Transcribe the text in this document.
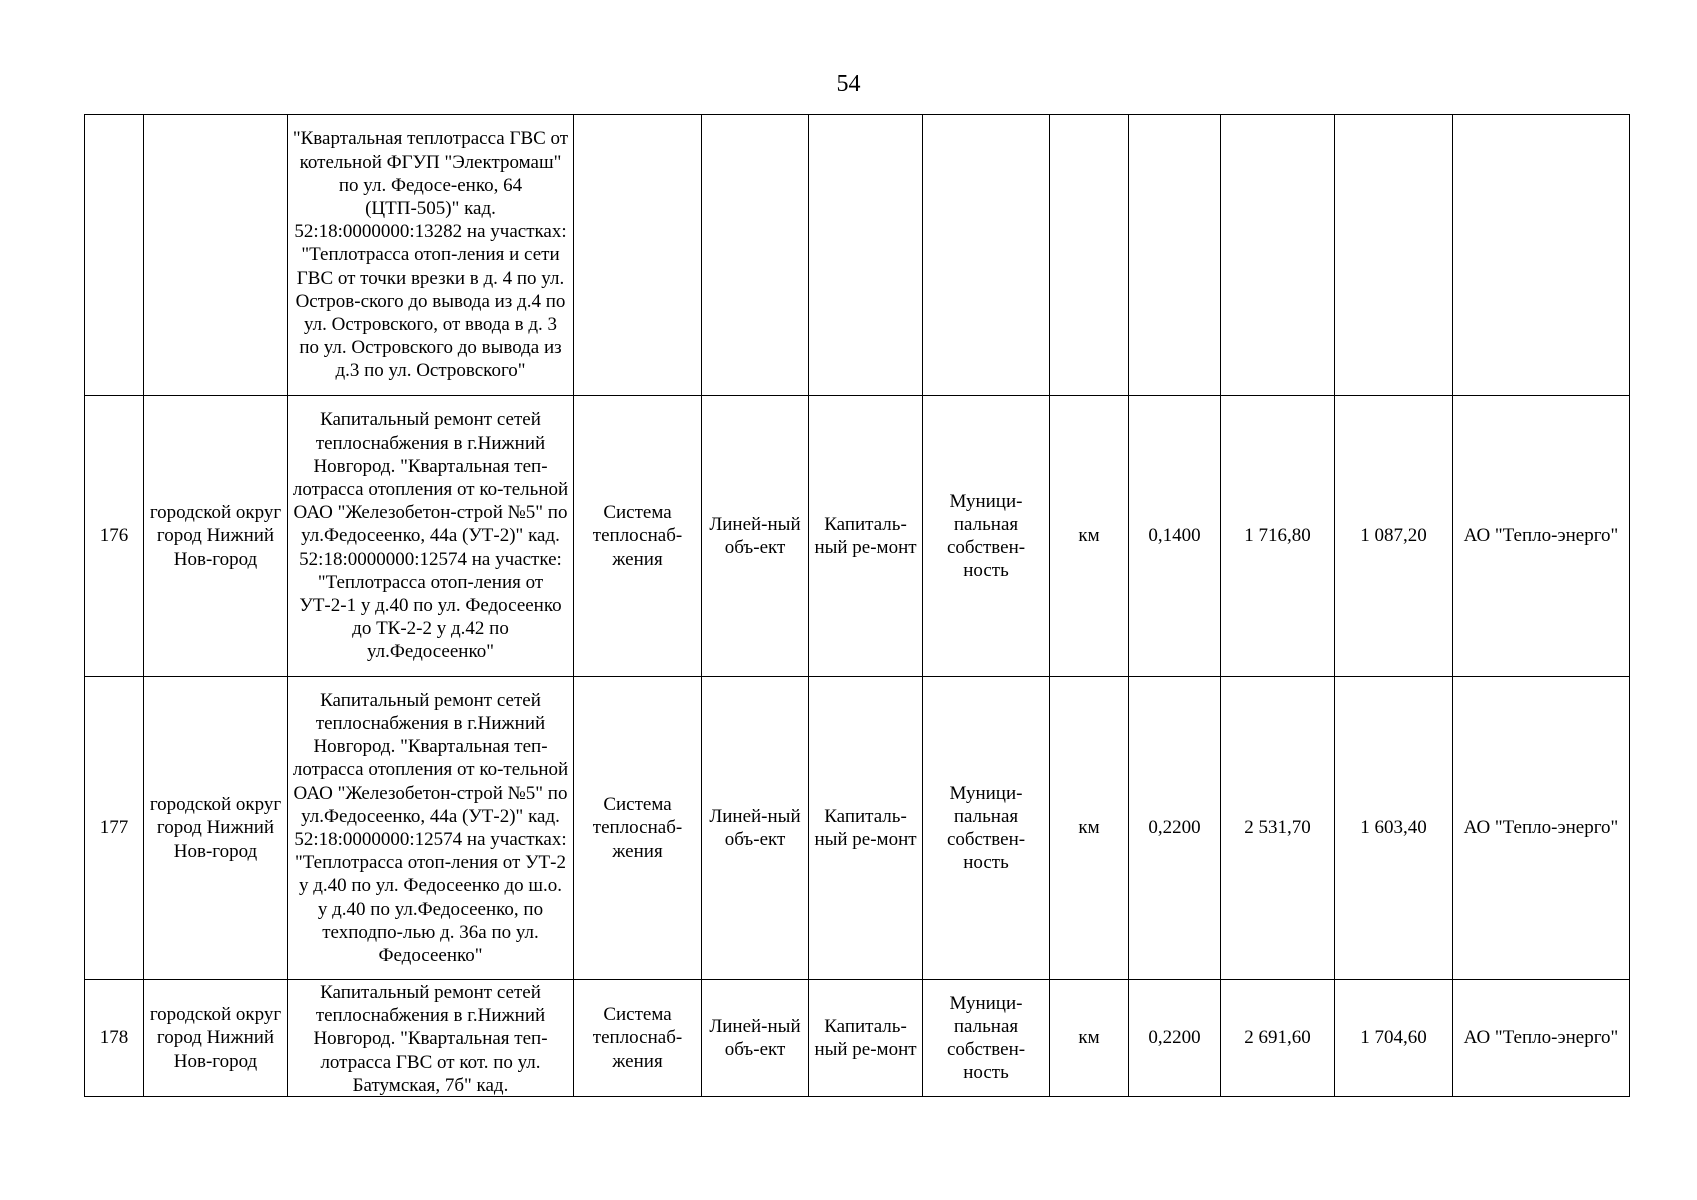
54
		"Квартальная теплотрасса ГВС от котельной ФГУП "Электромаш" по ул. Федосе-енко, 64 (ЦТП-505)" кад. 52:18:0000000:13282 на участках: "Теплотрасса отоп-ления и сети ГВС от точки врезки в д. 4 по ул. Остров-ского до вывода из д.4 по ул. Островского, от ввода в д. 3 по ул. Островского до вывода из д.3 по ул. Островского"									
176	городской округ город Нижний Нов-город	Капитальный ремонт сетей теплоснабжения в г.Нижний Новгород. "Квартальная теп-лотрасса отопления от ко-тельной ОАО "Железобетон-строй №5" по ул.Федосеенко, 44а (УТ-2)" кад. 52:18:0000000:12574 на участке: "Теплотрасса отоп-ления от УТ-2-1 у д.40 по ул. Федосеенко до ТК-2-2 у д.42 по ул.Федосеенко"	Система теплоснаб-жения	Линей-ный объ-ект	Капиталь-ный ре-монт	Муници-пальная собствен-ность	км	0,1400	1 716,80	1 087,20	АО "Тепло-энерго"
177	городской округ город Нижний Нов-город	Капитальный ремонт сетей теплоснабжения в г.Нижний Новгород. "Квартальная теп-лотрасса отопления от ко-тельной ОАО "Железобетон-строй №5" по ул.Федосеенко, 44а (УТ-2)" кад. 52:18:0000000:12574 на участках: "Теплотрасса отоп-ления от УТ-2 у д.40 по ул. Федосеенко до ш.о. у д.40 по ул.Федосеенко, по техподпо-лью д. 36а по ул. Федосеенко"	Система теплоснаб-жения	Линей-ный объ-ект	Капиталь-ный ре-монт	Муници-пальная собствен-ность	км	0,2200	2 531,70	1 603,40	АО "Тепло-энерго"
178	городской округ город Нижний Нов-город	Капитальный ремонт сетей теплоснабжения в г.Нижний Новгород. "Квартальная теп-лотрасса ГВС от кот. по ул. Батумская, 7б" кад.	Система теплоснаб-жения	Линей-ный объ-ект	Капиталь-ный ре-монт	Муници-пальная собствен-ность	км	0,2200	2 691,60	1 704,60	АО "Тепло-энерго"
